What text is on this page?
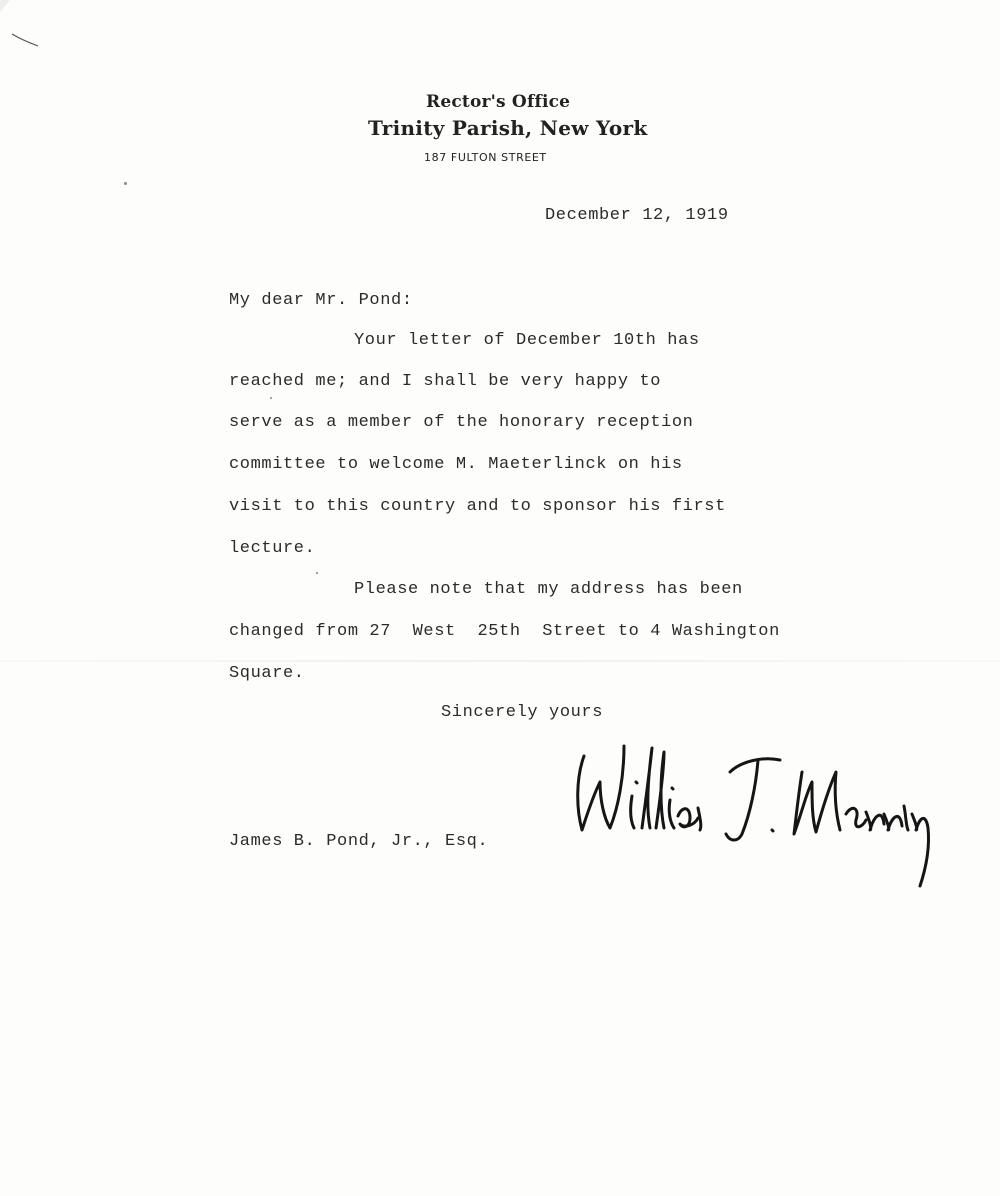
Rector's Office
Trinity Parish, New York
187 FULTON STREET
December 12, 1919
My dear Mr. Pond:
Your letter of December 10th has
reached me; and I shall be very happy to
serve as a member of the honorary reception
committee to welcome M. Maeterlinck on his
visit to this country and to sponsor his first
lecture.
Please note that my address has been
changed from 27  West  25th  Street to 4 Washington
Square.
Sincerely yours
James B. Pond, Jr., Esq.
